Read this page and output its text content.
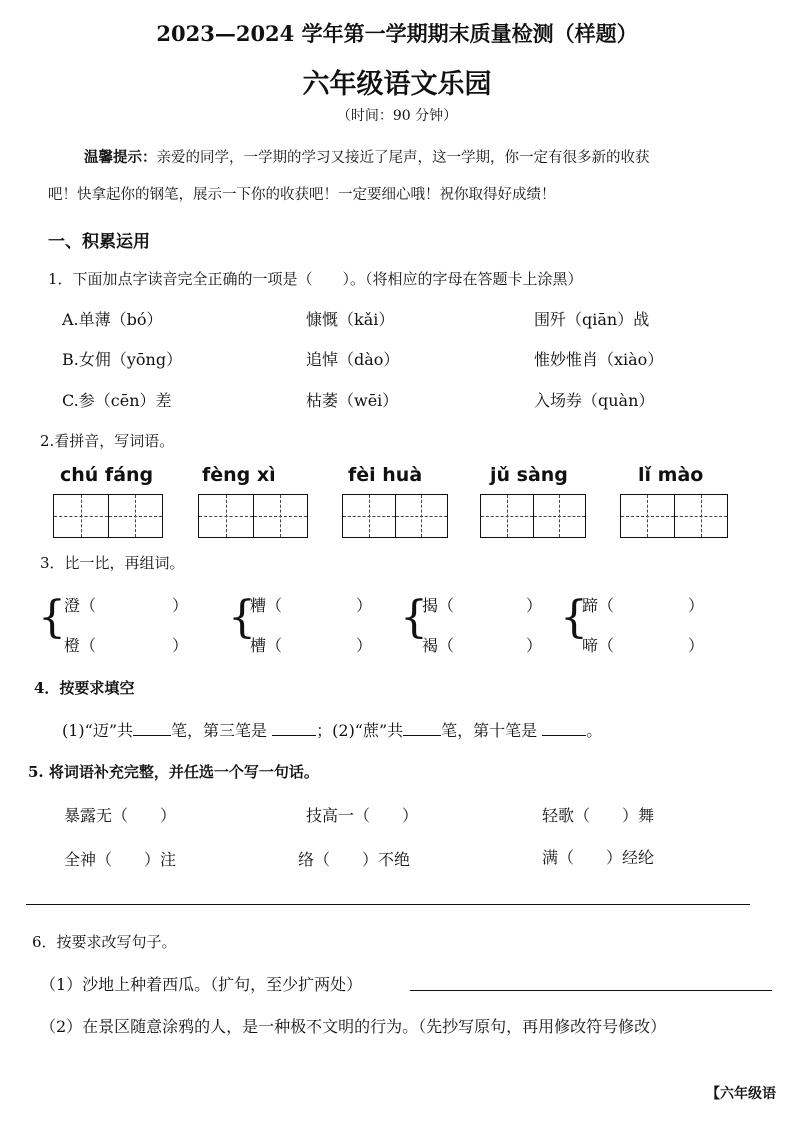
2023—2024 学年第一学期期末质量检测（样题）
六年级语文乐园
（时间：90 分钟）
温馨提示：亲爱的同学，一学期的学习又接近了尾声，这一学期，你一定有很多新的收获
吧！快拿起你的钢笔，展示一下你的收获吧！一定要细心哦！祝你取得好成绩！
一、积累运用
1．下面加点字读音完全正确的一项是（　　）。（将相应的字母在答题卡上涂黑）
A.单薄（bó）	慷慨（kǎi）	围歼（qiān）战
B.女佣（yōng）	追悼（dào）	惟妙惟肖（xiào）
C.参（cēn）差	枯萎（wēi）	入场券（quàn）
2.看拼音，写词语。
chú fáng	fèng xì	fèi huà	jǔ sàng	lǐ mào
3．比一比，再组词。
{
澄（	）
橙（	）
{
糟（	）
槽（	）
{
揭（	）
褐（	）
{
蹄（	）
啼（	）
4．按要求填空
(1)“迈”共 笔，第三笔是	；(2)“蔗”共 笔，第十笔是	。
5. 将词语补充完整，并任选一个写一句话。
暴露无（　　）	技高一（　　）	轻歌（　　）舞
全神（　　）注	络（　　）不绝	满（　　）经纶
6．按要求改写句子。
（1）沙地上种着西瓜。（扩句，至少扩两处）
（2）在景区随意涂鸦的人，是一种极不文明的行为。（先抄写原句，再用修改符号修改）
【六年级语
